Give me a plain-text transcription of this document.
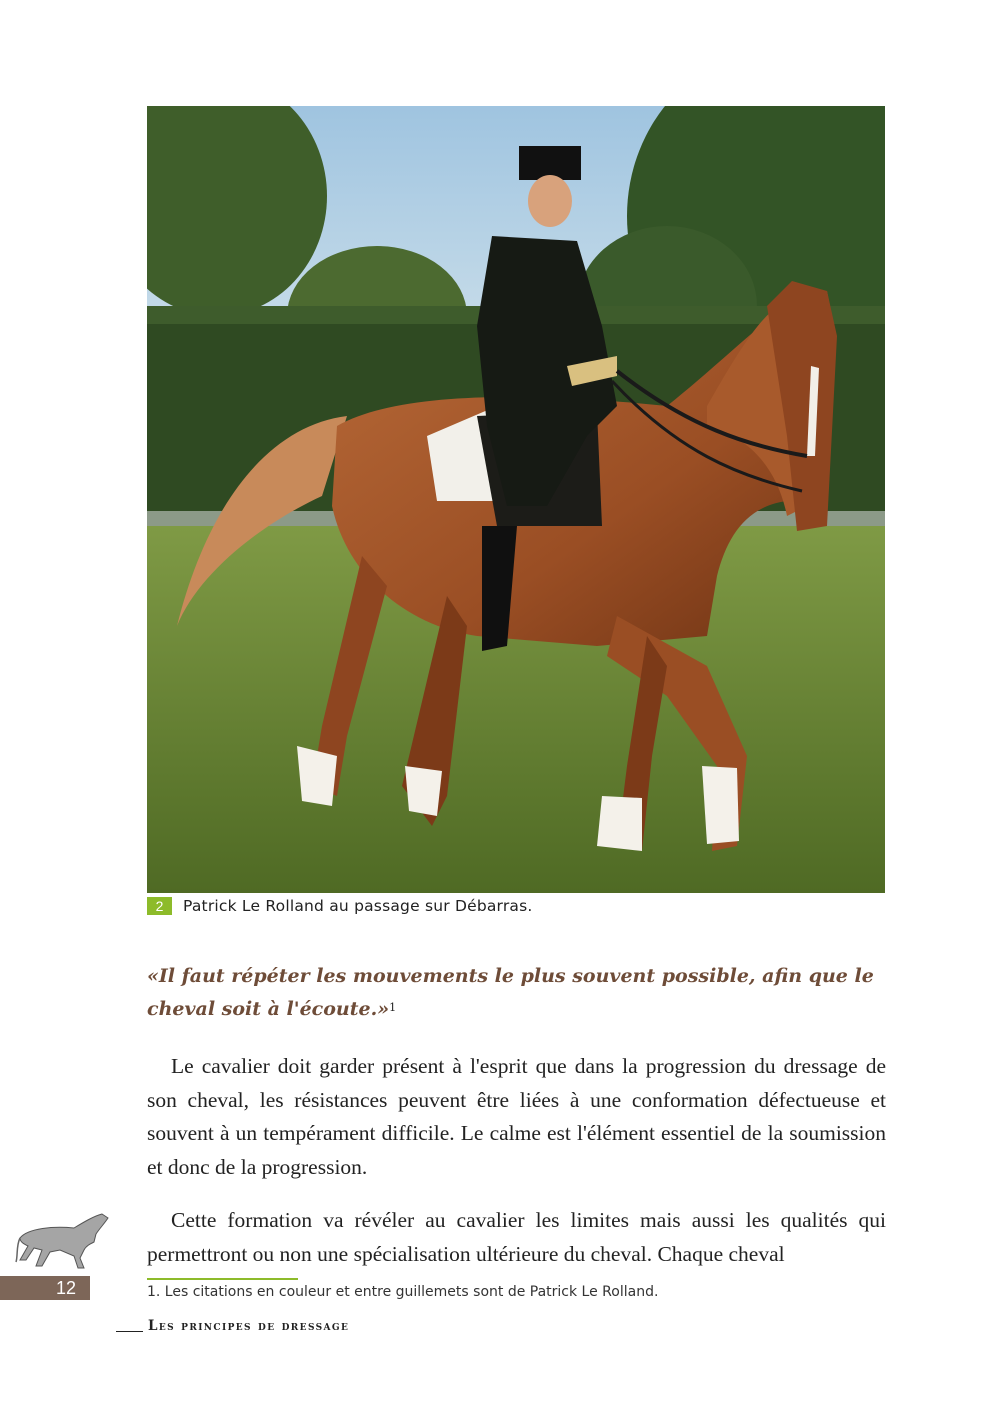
2	Patrick Le Rolland au passage sur Débarras.
«Il faut répéter les mouvements le plus souvent possible, afin que le cheval soit à l'écoute.»$^1$
Le cavalier doit garder présent à l'esprit que dans la progression du dressage de son cheval, les résistances peuvent être liées à une conformation défectueuse et souvent à un tempérament difficile. Le calme est l'élément essentiel de la soumission et donc de la progression.
Cette formation va révéler au cavalier les limites mais aussi les qualités qui permettront ou non une spécialisation ultérieure du cheval. Chaque cheval
1. Les citations en couleur et entre guillemets sont de Patrick Le Rolland.
12
Les principes de dressage
